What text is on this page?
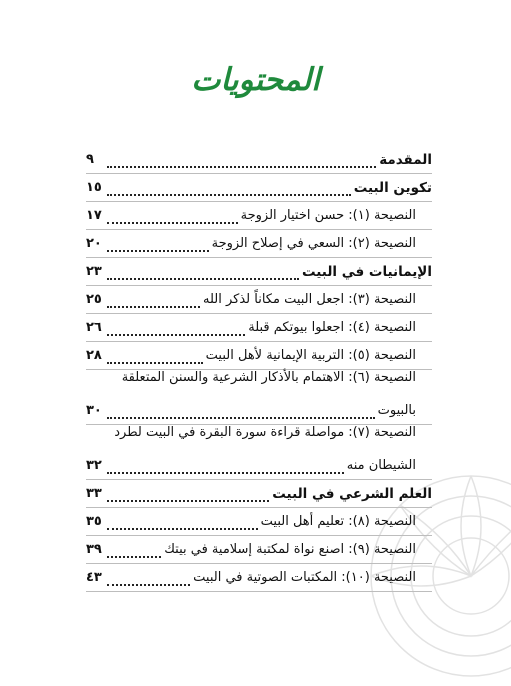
المحتويات
المقدمة
٩
تكوين البيت
١٥
النصيحة (١): حسن اختيار الزوجة
١٧
النصيحة (٢): السعي في إصلاح الزوجة
٢٠
الإيمانيات في البيت
٢٣
النصيحة (٣): اجعل البيت مكاناً لذكر الله
٢٥
النصيحة (٤): اجعلوا بيوتكم قبلة
٢٦
النصيحة (٥): التربية الإيمانية لأهل البيت
٢٨
النصيحة (٦): الاهتمام بالأذكار الشرعية والسنن المتعلقة
بالبيوت
٣٠
النصيحة (٧): مواصلة قراءة سورة البقرة في البيت لطرد
الشيطان منه
٣٢
العلم الشرعي في البيت
٣٣
النصيحة (٨): تعليم أهل البيت
٣٥
النصيحة (٩): اصنع نواة لمكتبة إسلامية في بيتك
٣٩
النصيحة (١٠): المكتبات الصوتية في البيت
٤٣
